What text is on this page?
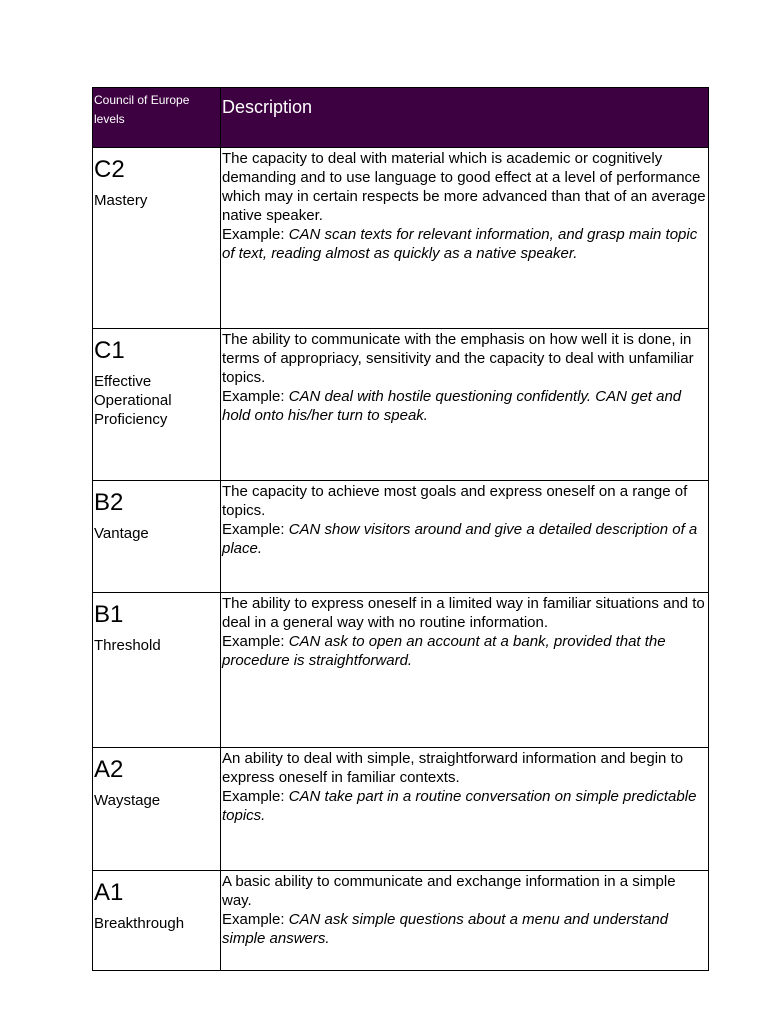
Council of Europe levels	Description

C2
Mastery	The capacity to deal with material which is academic or cognitively demanding and to use language to good effect at a level of performance which may in certain respects be more advanced than that of an average native speaker.
Example: CAN scan texts for relevant information, and grasp main topic of text, reading almost as quickly as a native speaker.

C1
Effective Operational Proficiency	The ability to communicate with the emphasis on how well it is done, in terms of appropriacy, sensitivity and the capacity to deal with unfamiliar topics.
Example: CAN deal with hostile questioning confidently. CAN get and hold onto his/her turn to speak.

B2
Vantage	The capacity to achieve most goals and express oneself on a range of topics.
Example: CAN show visitors around and give a detailed description of a place.

B1
Threshold	The ability to express oneself in a limited way in familiar situations and to deal in a general way with no routine information.
Example: CAN ask to open an account at a bank, provided that the procedure is straightforward.

A2
Waystage	An ability to deal with simple, straightforward information and begin to express oneself in familiar contexts.
Example: CAN take part in a routine conversation on simple predictable topics.

A1
Breakthrough	A basic ability to communicate and exchange information in a simple way.
Example: CAN ask simple questions about a menu and understand simple answers.
